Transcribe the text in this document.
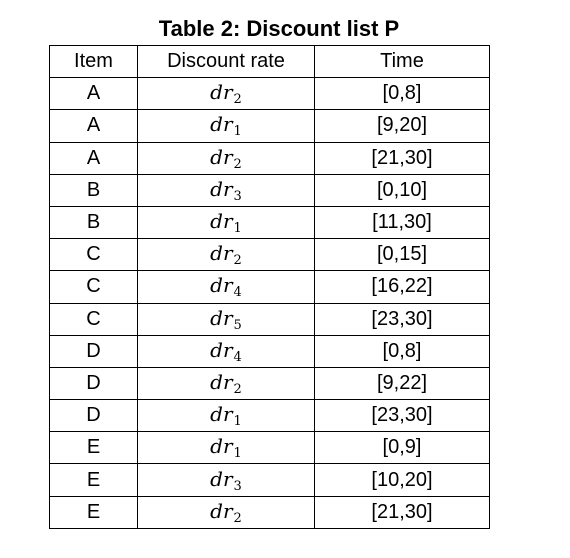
Table 2: Discount list P

Item	Discount rate	Time
A	$dr_2$	[0,8]
A	$dr_1$	[9,20]
A	$dr_2$	[21,30]
B	$dr_3$	[0,10]
B	$dr_1$	[11,30]
C	$dr_2$	[0,15]
C	$dr_4$	[16,22]
C	$dr_5$	[23,30]
D	$dr_4$	[0,8]
D	$dr_2$	[9,22]
D	$dr_1$	[23,30]
E	$dr_1$	[0,9]
E	$dr_3$	[10,20]
E	$dr_2$	[21,30]
